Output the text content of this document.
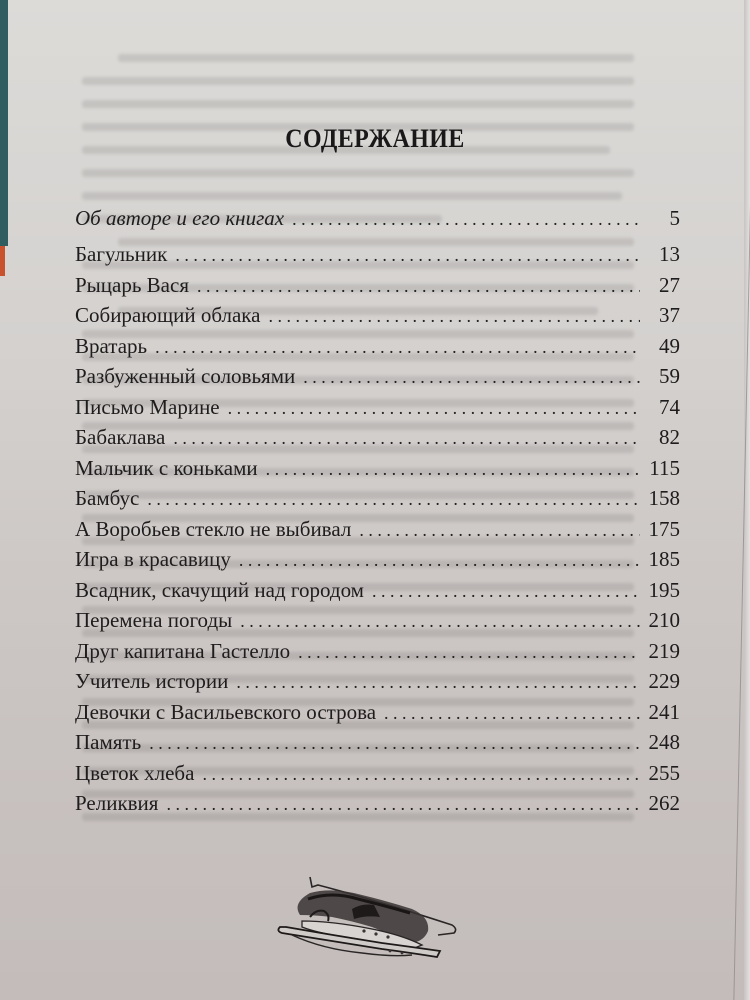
СОДЕРЖАНИЕ
Об авторе и его книгах . . .	5
Багульник . . .	13
Рыцарь Вася . . .	27
Собирающий облака . . .	37
Вратарь . . .	49
Разбуженный соловьями . . .	59
Письмо Марине . . .	74
Бабаклава . . .	82
Мальчик с коньками . . .	115
Бамбус . . .	158
А Воробьев стекло не выбивал . . .	175
Игра в красавицу . . .	185
Всадник, скачущий над городом . . .	195
Перемена погоды . . .	210
Друг капитана Гастелло . . .	219
Учитель истории . . .	229
Девочки с Васильевского острова . . .	241
Память . . .	248
Цветок хлеба . . .	255
Реликвия . . .	262
